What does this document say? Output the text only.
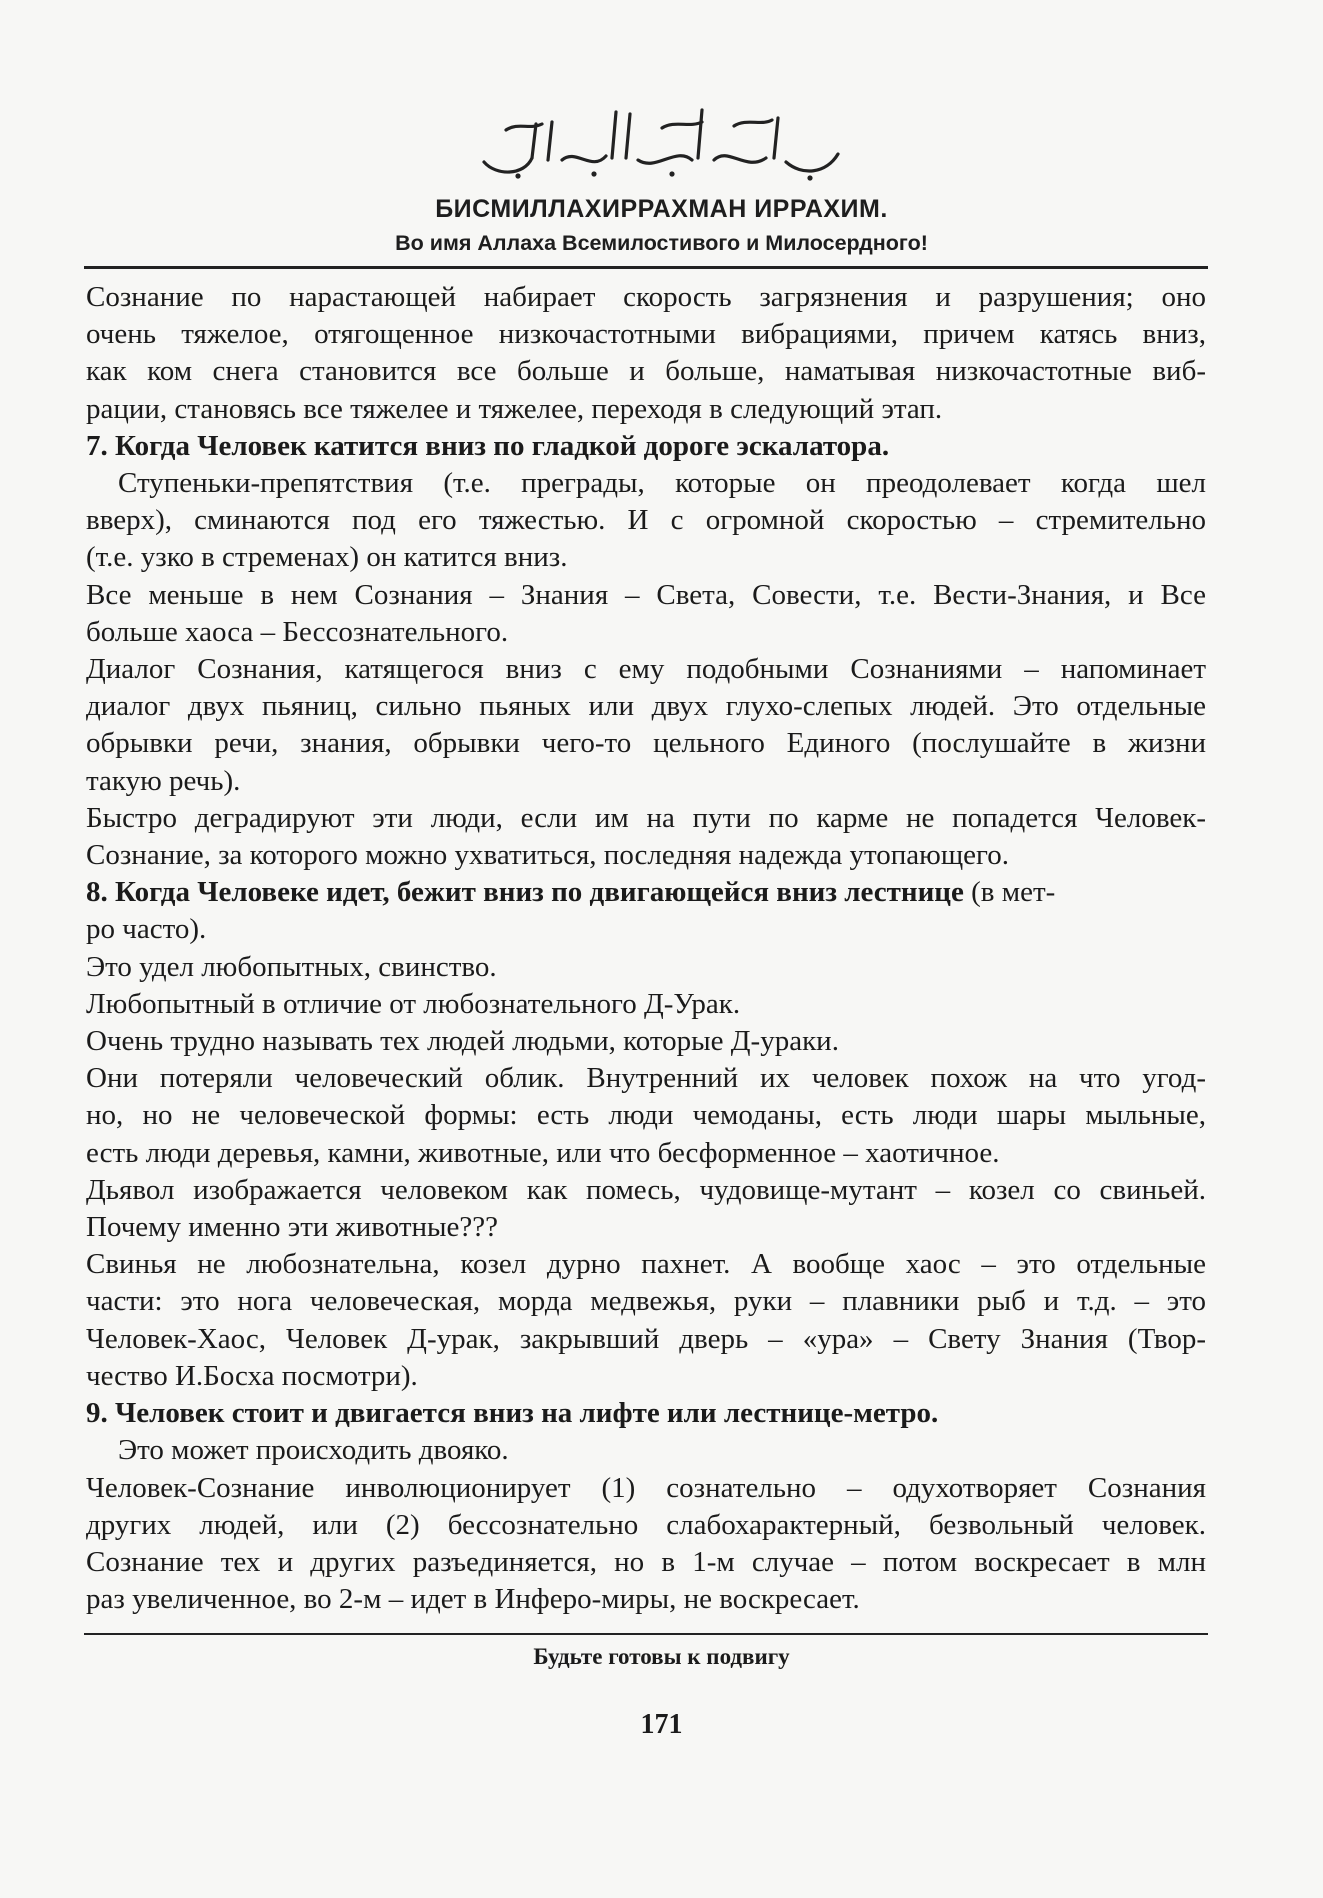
БИСМИЛЛАХИРРАХМАН ИРРАХИМ.
Во имя Аллаха Всемилостивого и Милосердного!
Сознание по нарастающей набирает скорость загрязнения и разрушения; оно
очень тяжелое, отягощенное низкочастотными вибрациями, причем катясь вниз,
как ком снега становится все больше и больше, наматывая низкочастотные виб-
рации, становясь все тяжелее и тяжелее, переходя в следующий этап.
7. Когда Человек катится вниз по гладкой дороге эскалатора.
Ступеньки-препятствия (т.е. преграды, которые он преодолевает когда шел
вверх), сминаются под его тяжестью. И с огромной скоростью – стремительно
(т.е. узко в стременах) он катится вниз.
Все меньше в нем Сознания – Знания – Света, Совести, т.е. Вести-Знания, и Все
больше хаоса – Бессознательного.
Диалог Сознания, катящегося вниз с ему подобными Сознаниями – напоминает
диалог двух пьяниц, сильно пьяных или двух глухо-слепых людей. Это отдельные
обрывки речи, знания, обрывки чего-то цельного Единого (послушайте в жизни
такую речь).
Быстро деградируют эти люди, если им на пути по карме не попадется Человек-
Сознание, за которого можно ухватиться, последняя надежда утопающего.
8. Когда Человеке идет, бежит вниз по двигающейся вниз лестнице (в мет-
ро часто).
Это удел любопытных, свинство.
Любопытный в отличие от любознательного Д-Урак.
Очень трудно называть тех людей людьми, которые Д-ураки.
Они потеряли человеческий облик. Внутренний их человек похож на что угод-
но, но не человеческой формы: есть люди чемоданы, есть люди шары мыльные,
есть люди деревья, камни, животные, или что бесформенное – хаотичное.
Дьявол изображается человеком как помесь, чудовище-мутант – козел со свиньей.
Почему именно эти животные???
Свинья не любознательна, козел дурно пахнет. А вообще хаос – это отдельные
части: это нога человеческая, морда медвежья, руки – плавники рыб и т.д. – это
Человек-Хаос, Человек Д-урак, закрывший дверь – «ура» – Свету Знания (Твор-
чество И.Босха посмотри).
9. Человек стоит и двигается вниз на лифте или лестнице-метро.
Это может происходить двояко.
Человек-Сознание инволюционирует (1) сознательно – одухотворяет Сознания
других людей, или (2) бессознательно слабохарактерный, безвольный человек.
Сознание тех и других разъединяется, но в 1-м случае – потом воскресает в млн
раз увеличенное, во 2-м – идет в Инферо-миры, не воскресает.
Будьте готовы к подвигу
171
